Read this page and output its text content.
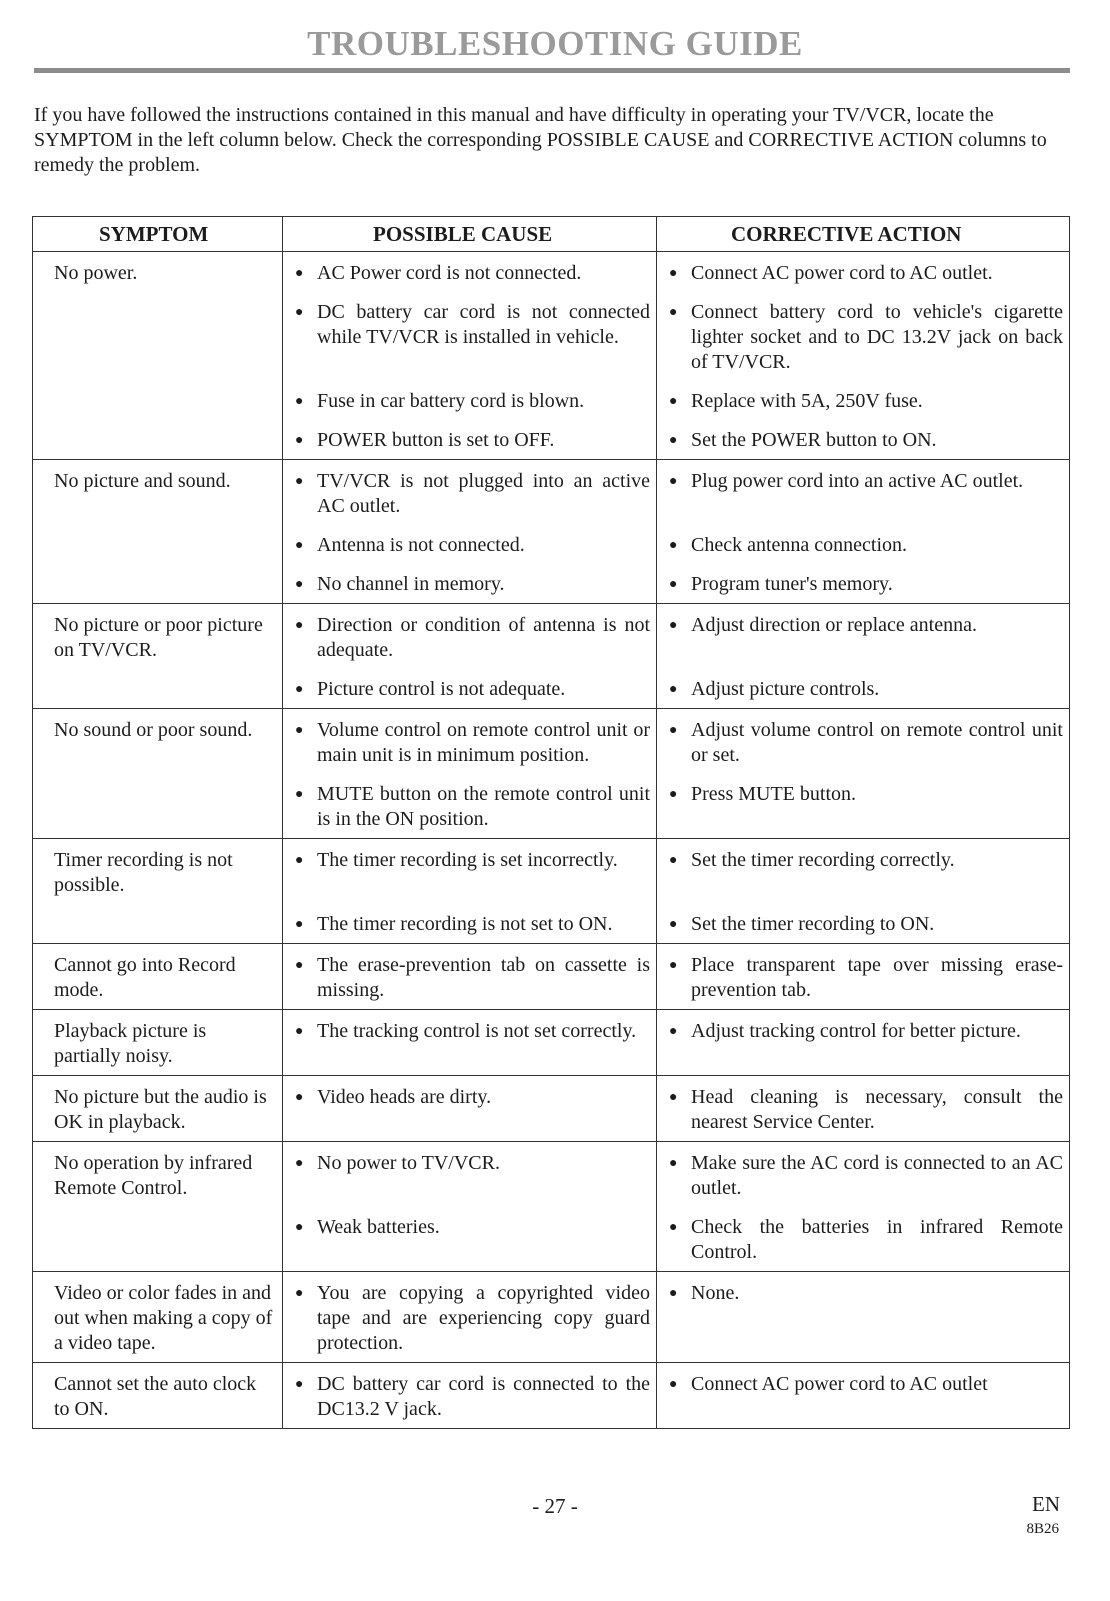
TROUBLESHOOTING GUIDE

If you have followed the instructions contained in this manual and have difficulty in operating your TV/VCR, locate the SYMPTOM in the left column below. Check the corresponding POSSIBLE CAUSE and CORRECTIVE ACTION columns to remedy the problem.

SYMPTOM	POSSIBLE CAUSE	CORRECTIVE ACTION
No power.	● AC Power cord is not connected.	● Connect AC power cord to AC outlet.

	● DC battery car cord is not connected while TV/VCR is installed in vehicle.	● Connect battery cord to vehicle's cigarette lighter socket and to DC 13.2V jack on back of TV/VCR.

	● Fuse in car battery cord is blown.	● Replace with 5A, 250V fuse.

	● POWER button is set to OFF.	● Set the POWER button to ON.

No picture and sound.	● TV/VCR is not plugged into an active AC outlet.	● Plug power cord into an active AC outlet.

	● Antenna is not connected.	● Check antenna connection.

	● No channel in memory.	● Program tuner's memory.

No picture or poor picture on TV/VCR.	● Direction or condition of antenna is not adequate.	● Adjust direction or replace antenna.

	● Picture control is not adequate.	● Adjust picture controls.

No sound or poor sound.	● Volume control on remote control unit or main unit is in minimum position.	● Adjust volume control on remote control unit or set.

	● MUTE button on the remote control unit is in the ON position.	● Press MUTE button.

Timer recording is not possible.	● The timer recording is set incorrectly.	● Set the timer recording correctly.

	● The timer recording is not set to ON.	● Set the timer recording to ON.

Cannot go into Record mode.	● The erase-prevention tab on cassette is missing.	● Place transparent tape over missing erase-prevention tab.

Playback picture is partially noisy.	● The tracking control is not set correctly.	● Adjust tracking control for better picture.

No picture but the audio is OK in playback.	● Video heads are dirty.	● Head cleaning is necessary, consult the nearest Service Center.

No operation by infrared Remote Control.	● No power to TV/VCR.	● Make sure the AC cord is connected to an AC outlet.

	● Weak batteries.	● Check the batteries in infrared Remote Control.

Video or color fades in and out when making a copy of a video tape.	● You are copying a copyrighted video tape and are experiencing copy guard protection.	● None.

Cannot set the auto clock to ON.	● DC battery car cord is connected to the DC13.2 V jack.	● Connect AC power cord to AC outlet
- 27 -	EN
8B26
